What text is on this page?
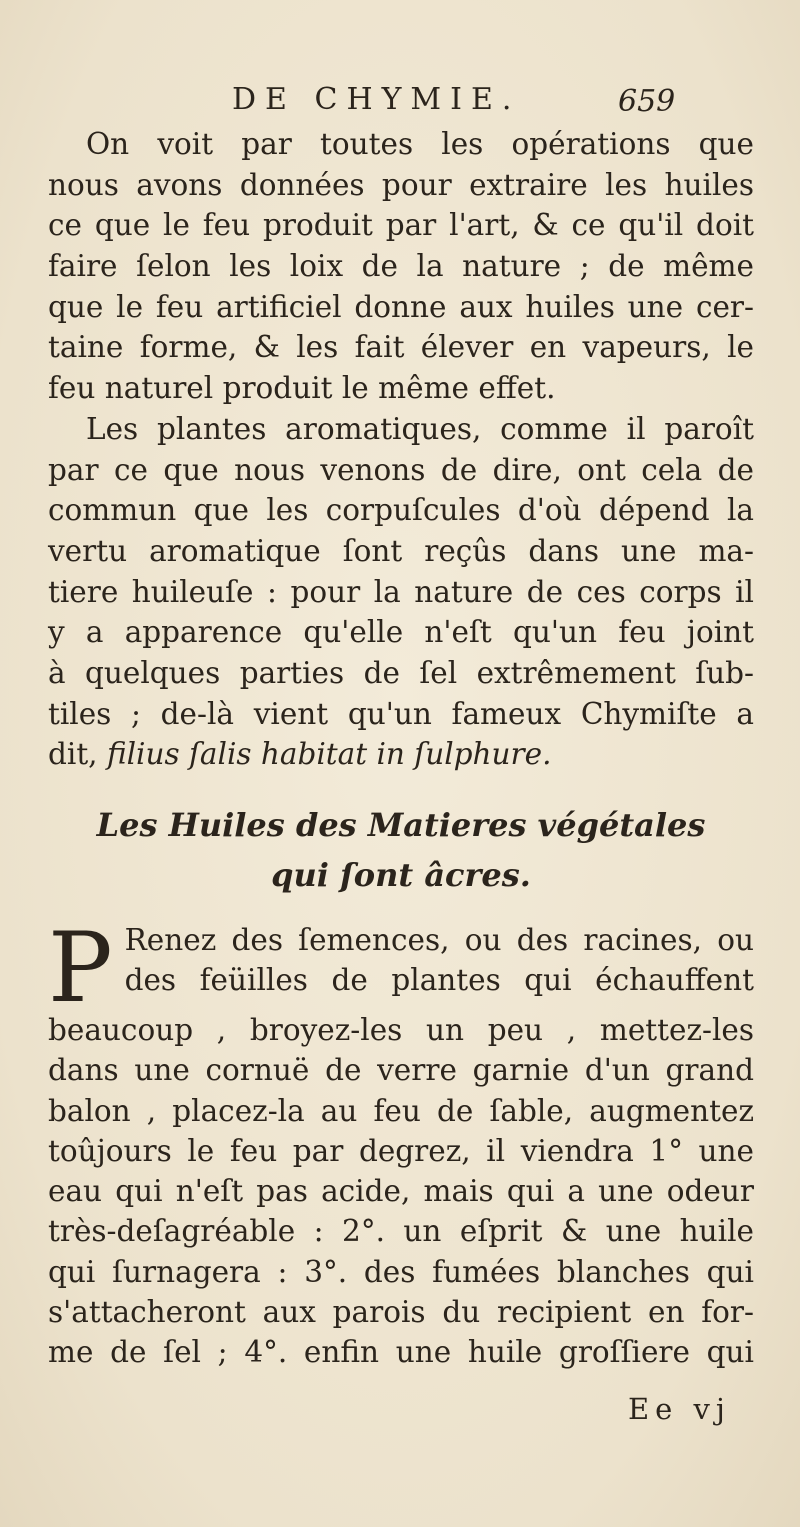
DE CHYMIE.	659
On voit par toutes les opérations que
nous avons données pour extraire les huiles
ce que le feu produit par l'art, & ce qu'il doit
faire ſelon les loix de la nature ; de même
que le feu artificiel donne aux huiles une cer-
taine forme, & les fait élever en vapeurs, le
feu naturel produit le même effet.
Les plantes aromatiques, comme il paroît
par ce que nous venons de dire, ont cela de
commun que les corpuſcules d'où dépend la
vertu aromatique ſont reçûs dans une ma-
tiere huileuſe : pour la nature de ces corps il
y a apparence qu'elle n'eſt qu'un feu joint
à quelques parties de ſel extrêmement ſub-
tiles ; de-là vient qu'un fameux Chymiſte a
dit, filius ſalis habitat in ſulphure.
Les Huiles des Matieres végétales
qui ſont âcres.
P Renez des ſemences, ou des racines, ou
des feüilles de plantes qui échauffent
beaucoup , broyez-les un peu , mettez-les
dans une cornuë de verre garnie d'un grand
balon , placez-la au feu de ſable, augmentez
toûjours le feu par degrez, il viendra 1° une
eau qui n'eſt pas acide, mais qui a une odeur
très-deſagréable : 2°. un eſprit & une huile
qui ſurnagera : 3°. des fumées blanches qui
s'attacheront aux parois du recipient en for-
me de ſel ; 4°. enfin une huile groſſiere qui
Ee vj
